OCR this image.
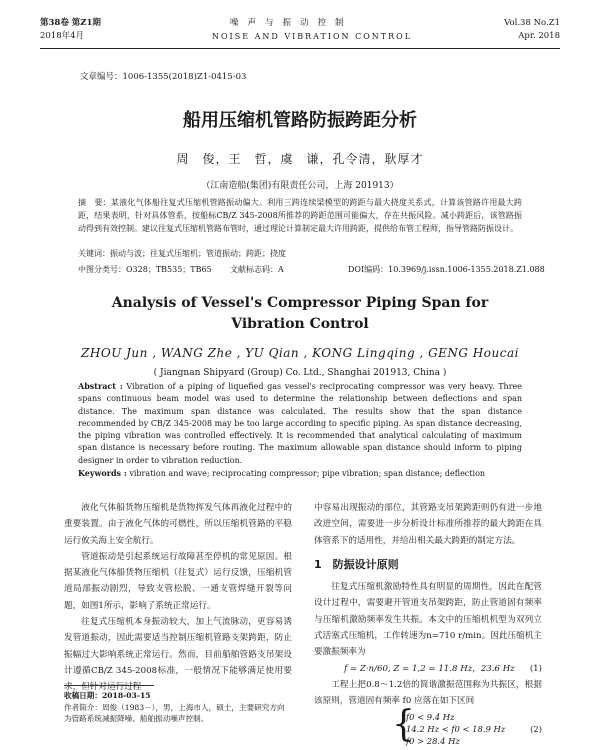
第38卷 第Z1期
2018年4月
噪声与振动控制
NOISE AND VIBRATION CONTROL
Vol.38 No.Z1
Apr. 2018
文章编号：1006-1355(2018)Z1-0415-03
船用压缩机管路防振跨距分析
周　俊，王　哲，虞　谦，孔令清，耿厚才
（江南造船(集团)有限责任公司，上海 201913）
摘　要：某液化气体船往复式压缩机管路振动偏大。利用三跨连续梁模型的跨距与最大挠度关系式，计算该管路许用最大跨距，结果表明，针对具体管系，按船标CB/Z 345-2008所推荐的跨距范围可能偏大，存在共振风险。减小跨距后，该管路振动得到有效控制。建议往复式压缩机管路布管时，通过理论计算制定最大许用跨距，提供给布管工程师，指导管路防振设计。
关键词：振动与波；往复式压缩机；管道振动；跨距；挠度
中图分类号：O328；TB535；TB65 文献标志码：A	DOI编码：10.3969/j.issn.1006-1355.2018.Z1.088
Analysis of Vessel's Compressor Piping Span for
Vibration Control
ZHOU Jun , WANG Zhe , YU Qian , KONG Lingqing , GENG Houcai
( Jiangnan Shipyard (Group) Co. Ltd., Shanghai 201913, China )
Abstract : Vibration of a piping of liquefied gas vessel's reciprocating compressor was very heavy. Three spans continuous beam model was used to determine the relationship between deflections and span distance. The maximum span distance was calculated. The results show that the span distance recommended by CB/Z 345-2008 may be too large according to specific piping. As span distance decreasing, the piping vibration was controlled effectively. It is recommended that analytical calculating of maximum span distance is necessary before routing. The maximum allowable span distance should inform to piping designer in order to vibration reduction.
Keywords : vibration and wave; reciprocating compressor; pipe vibration; span distance; deflection

液化气体船货物压缩机是货物挥发气体再液化过程中的重要装置。由于液化气体的可燃性，所以压缩机管路的平稳运行攸关海上安全航行。

管道振动是引起系统运行故障甚至停机的常见原因。根据某液化气体船货物压缩机（往复式）运行反馈，压缩机管道局部振动剧烈，导致支管松脱、一通支管焊缝开裂等问题，如图1所示，影响了系统正常运行。

往复式压缩机本身振动较大，加上气流脉动，更容易诱发管道振动，因此需要适当控制压缩机管路支架跨距，防止振幅过大影响系统正常运行。然而，目前船舶管路支吊架设计遵循CB/Z 345-2008标准，一般情况下能够满足使用要求，但针对运行过程

中容易出现振动的部位，其管路支吊架跨距则仍有进一步地改进空间，需要进一步分析设计标准所推荐的最大跨距在具体管系下的适用性，并给出相关最大跨距的制定方法。

1　防振设计原则

往复式压缩机激励特性具有明显的周期性，因此在配管设计过程中，需要避开管道支吊架跨距，防止管道固有频率与压缩机激励频率发生共振。本文中的压缩机机型为双列立式活塞式压缩机，工作转速为n=710 r/min。因此压缩机主要激振频率为

f = Z·n/60, Z = 1,2 = 11.8 Hz，23.6 Hz (1)

工程上把0.8～1.2倍的简谐激振范围称为共振区，根据该原则，管道固有频率 f0 应落在如下区间

{
f0 < 9.4 Hz
14.2 Hz < f0 < 18.9 Hz
f0 > 28.4 Hz
(2)
收稿日期：2018-03-15
作者简介：周俊（1983－），男，上海市人，硕士，主要研究方向为管路系统减振降噪、船舶振动噪声控制。
